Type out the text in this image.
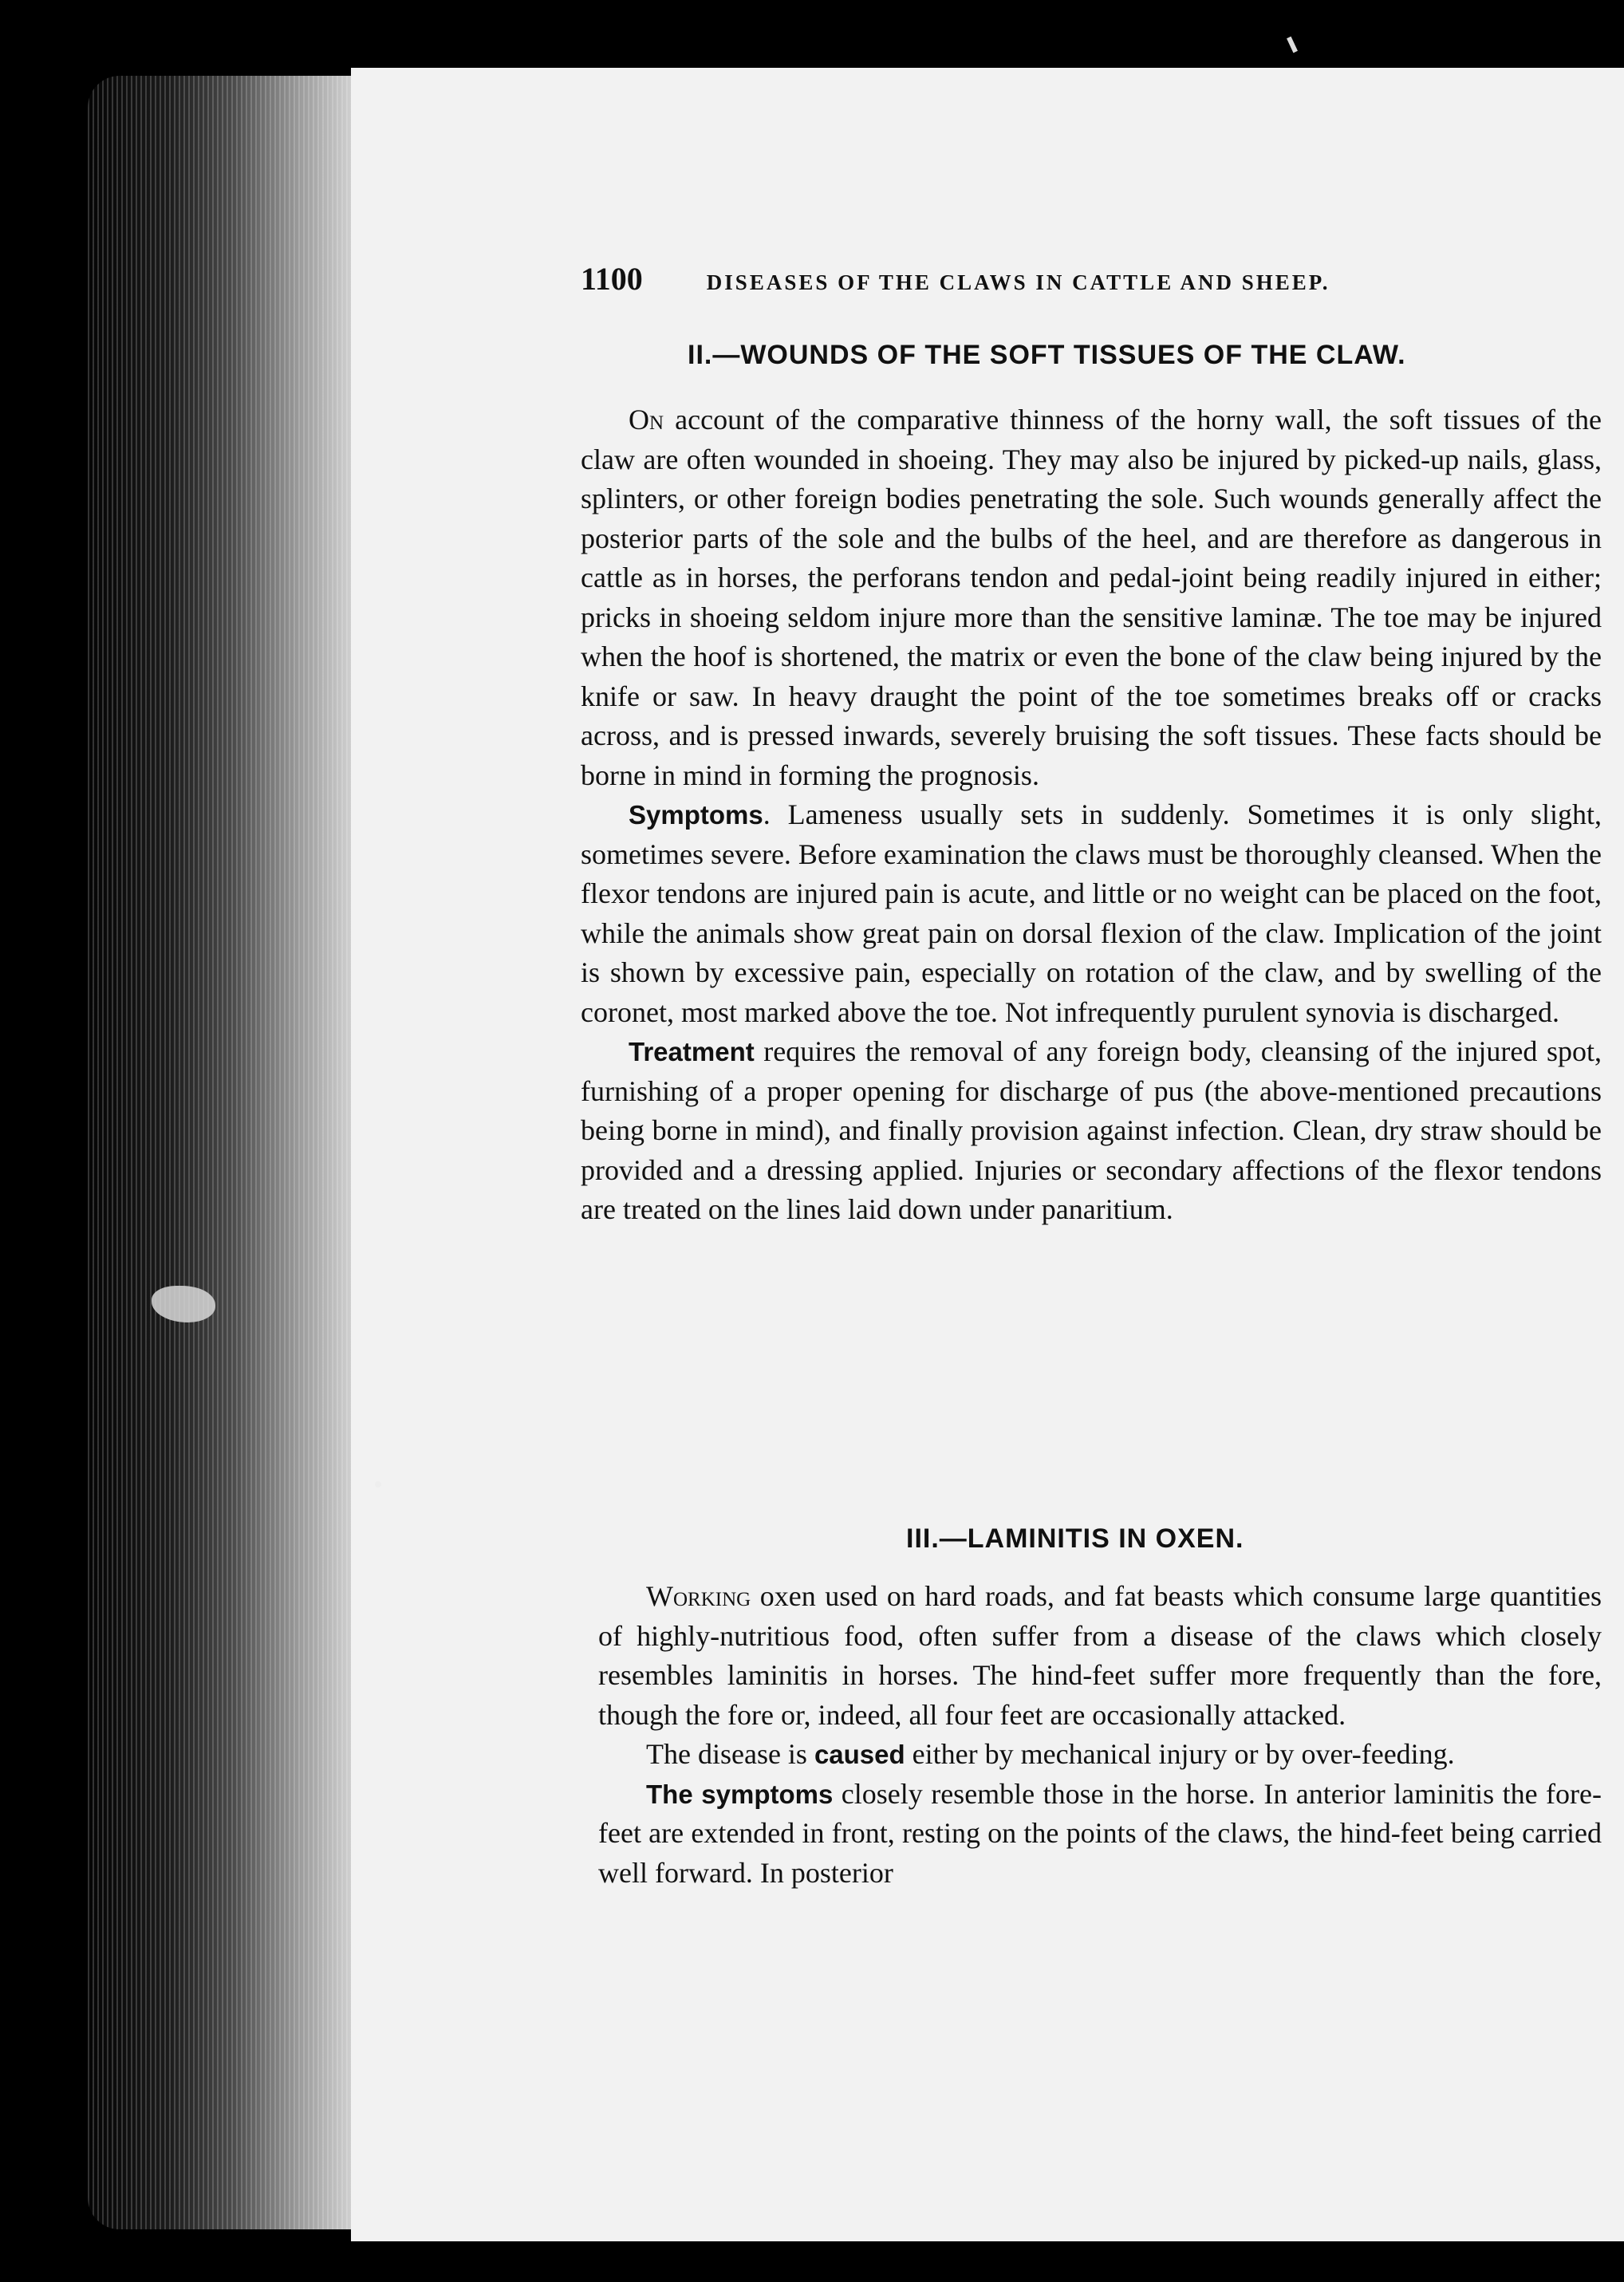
1100	DISEASES OF THE CLAWS IN CATTLE AND SHEEP.
II.—WOUNDS OF THE SOFT TISSUES OF THE CLAW.

On account of the comparative thinness of the horny wall, the soft tissues of the claw are often wounded in shoeing. They may also be injured by picked-up nails, glass, splinters, or other foreign bodies penetrating the sole. Such wounds generally affect the posterior parts of the sole and the bulbs of the heel, and are therefore as dangerous in cattle as in horses, the perforans tendon and pedal-joint being readily injured in either; pricks in shoeing seldom injure more than the sensitive laminæ. The toe may be injured when the hoof is shortened, the matrix or even the bone of the claw being injured by the knife or saw. In heavy draught the point of the toe sometimes breaks off or cracks across, and is pressed inwards, severely bruising the soft tissues. These facts should be borne in mind in forming the prognosis.

Symptoms. Lameness usually sets in suddenly. Sometimes it is only slight, sometimes severe. Before examination the claws must be thoroughly cleansed. When the flexor tendons are injured pain is acute, and little or no weight can be placed on the foot, while the animals show great pain on dorsal flexion of the claw. Implication of the joint is shown by excessive pain, especially on rotation of the claw, and by swelling of the coronet, most marked above the toe. Not infrequently purulent synovia is discharged.

Treatment requires the removal of any foreign body, cleansing of the injured spot, furnishing of a proper opening for discharge of pus (the above-mentioned precautions being borne in mind), and finally provision against infection. Clean, dry straw should be provided and a dressing applied. Injuries or secondary affections of the flexor tendons are treated on the lines laid down under panaritium.

III.—LAMINITIS IN OXEN.

Working oxen used on hard roads, and fat beasts which consume large quantities of highly-nutritious food, often suffer from a disease of the claws which closely resembles laminitis in horses. The hind-feet suffer more frequently than the fore, though the fore or, indeed, all four feet are occasionally attacked.

The disease is caused either by mechanical injury or by over-feeding.

The symptoms closely resemble those in the horse. In anterior laminitis the fore-feet are extended in front, resting on the points of the claws, the hind-feet being carried well forward. In posterior
